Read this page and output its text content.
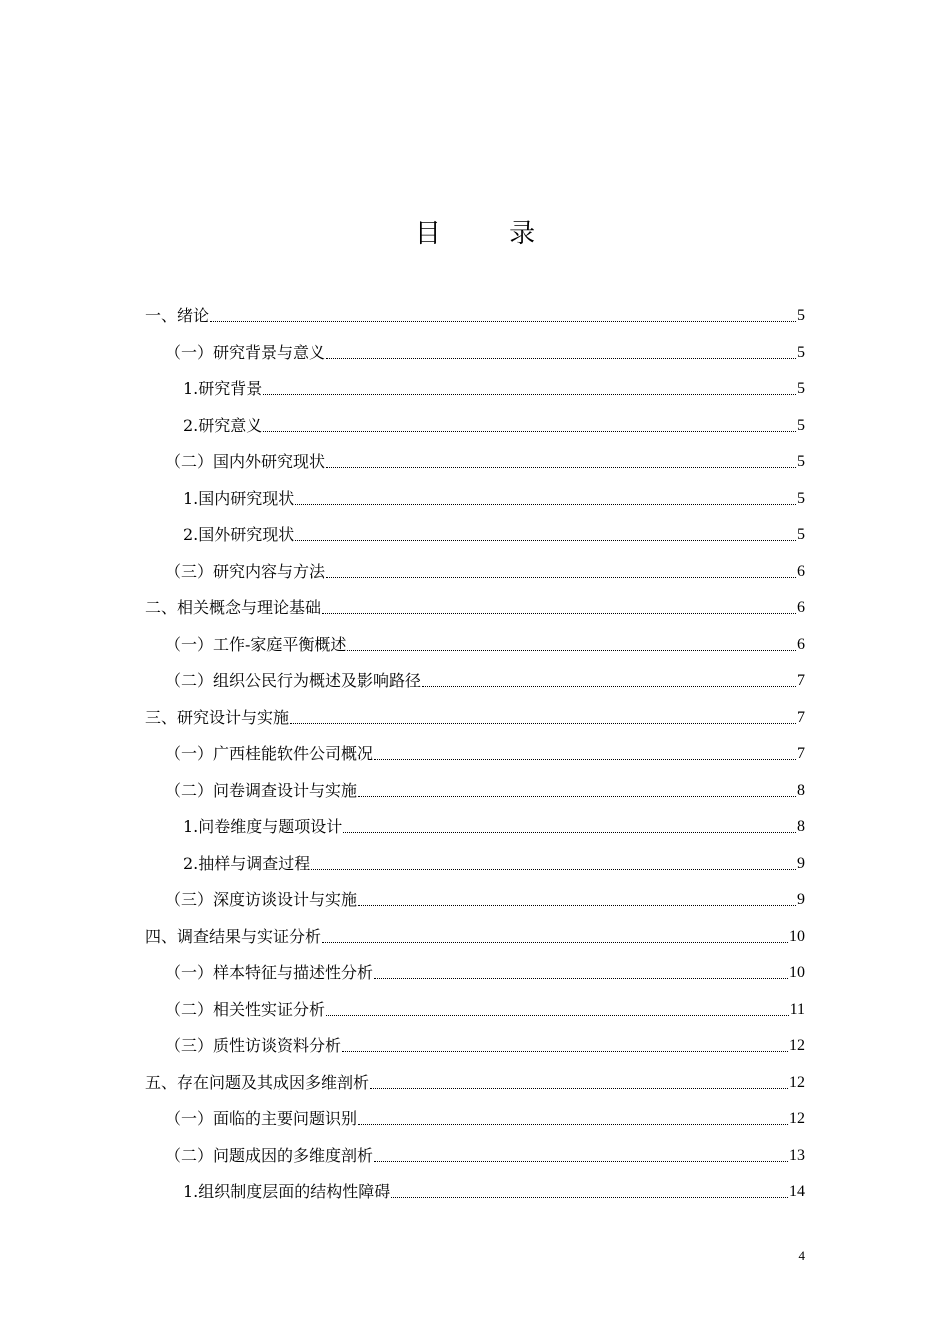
目 录
一、绪论	5
（一）研究背景与意义	5
1.研究背景	5
2.研究意义	5
（二）国内外研究现状	5
1.国内研究现状	5
2.国外研究现状	5
（三）研究内容与方法	6
二、相关概念与理论基础	6
（一）工作-家庭平衡概述	6
（二）组织公民行为概述及影响路径	7
三、研究设计与实施	7
（一）广西桂能软件公司概况	7
（二）问卷调查设计与实施	8
1.问卷维度与题项设计	8
2.抽样与调查过程	9
（三）深度访谈设计与实施	9
四、调查结果与实证分析	10
（一）样本特征与描述性分析	10
（二）相关性实证分析	11
（三）质性访谈资料分析	12
五、存在问题及其成因多维剖析	12
（一）面临的主要问题识别	12
（二）问题成因的多维度剖析	13
1.组织制度层面的结构性障碍	14
4
